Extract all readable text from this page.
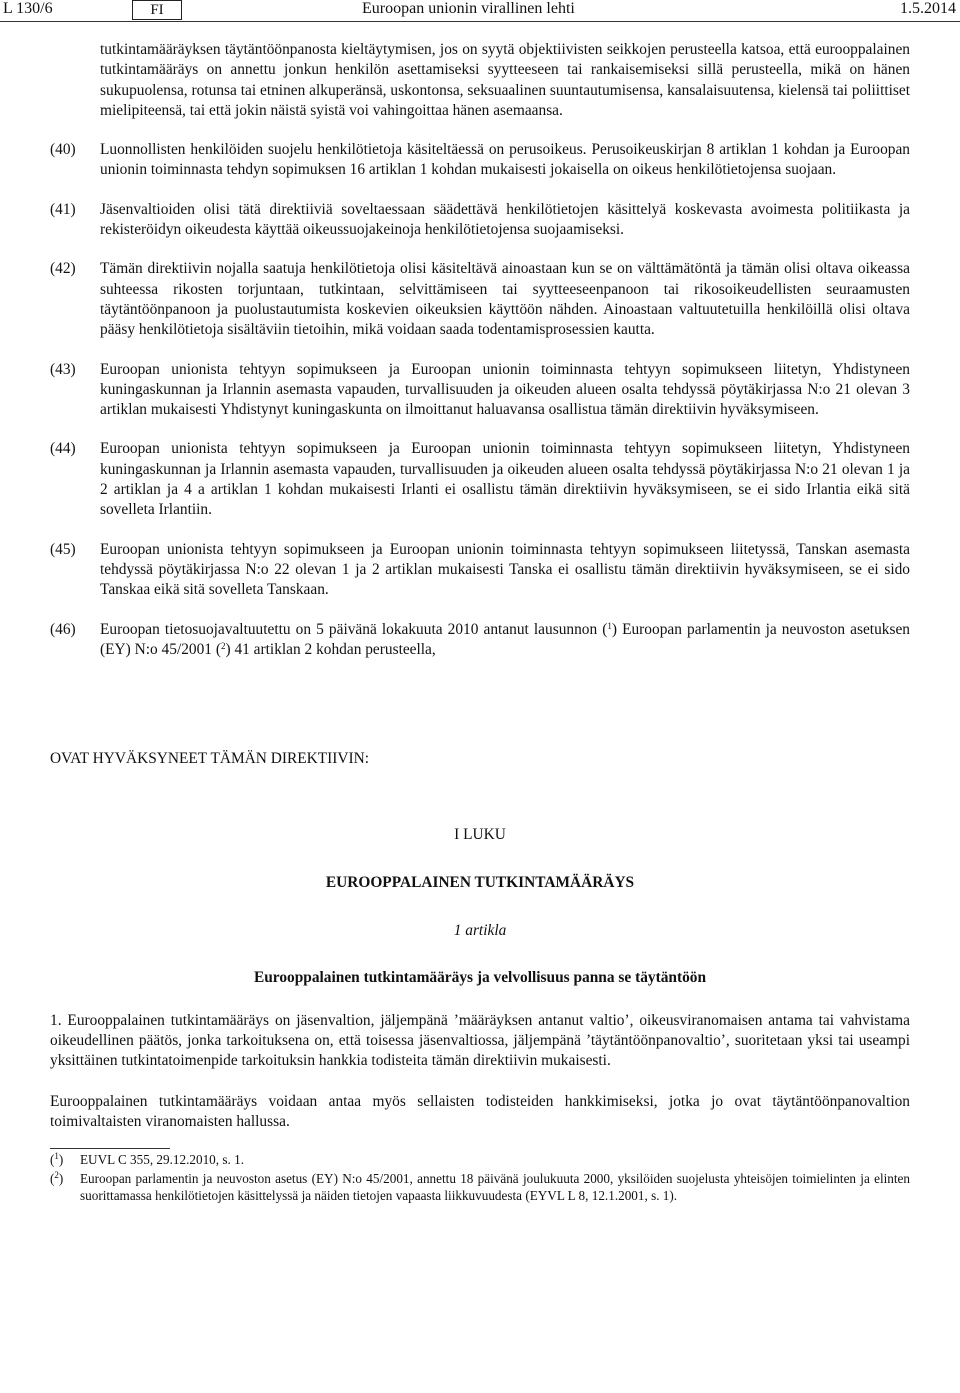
L 130/6	FI	Euroopan unionin virallinen lehti	1.5.2014

tutkintamääräyksen täytäntöönpanosta kieltäytymisen, jos on syytä objektiivisten seikkojen perusteella katsoa, että eurooppalainen tutkintamääräys on annettu jonkun henkilön asettamiseksi syytteeseen tai rankaisemiseksi sillä perusteella, mikä on hänen sukupuolensa, rotunsa tai etninen alkuperänsä, uskontonsa, seksuaalinen suuntautumisensa, kansalaisuutensa, kielensä tai poliittiset mielipiteensä, tai että jokin näistä syistä voi vahingoittaa hänen asemaansa.

(40)	Luonnollisten henkilöiden suojelu henkilötietoja käsiteltäessä on perusoikeus. Perusoikeuskirjan 8 artiklan 1 kohdan ja Euroopan unionin toiminnasta tehdyn sopimuksen 16 artiklan 1 kohdan mukaisesti jokaisella on oikeus henkilötietojensa suojaan.
(41)	Jäsenvaltioiden olisi tätä direktiiviä soveltaessaan säädettävä henkilötietojen käsittelyä koskevasta avoimesta politiikasta ja rekisteröidyn oikeudesta käyttää oikeussuojakeinoja henkilötietojensa suojaamiseksi.
(42)	Tämän direktiivin nojalla saatuja henkilötietoja olisi käsiteltävä ainoastaan kun se on välttämätöntä ja tämän olisi oltava oikeassa suhteessa rikosten torjuntaan, tutkintaan, selvittämiseen tai syytteeseenpanoon tai rikosoikeudellisten seuraamusten täytäntöönpanoon ja puolustautumista koskevien oikeuksien käyttöön nähden. Ainoastaan valtuutetuilla henkilöillä olisi oltava pääsy henkilötietoja sisältäviin tietoihin, mikä voidaan saada todentamisprosessien kautta.
(43)	Euroopan unionista tehtyyn sopimukseen ja Euroopan unionin toiminnasta tehtyyn sopimukseen liitetyn, Yhdistyneen kuningaskunnan ja Irlannin asemasta vapauden, turvallisuuden ja oikeuden alueen osalta tehdyssä pöytäkirjassa N:o 21 olevan 3 artiklan mukaisesti Yhdistynyt kuningaskunta on ilmoittanut haluavansa osallistua tämän direktiivin hyväksymiseen.
(44)	Euroopan unionista tehtyyn sopimukseen ja Euroopan unionin toiminnasta tehtyyn sopimukseen liitetyn, Yhdistyneen kuningaskunnan ja Irlannin asemasta vapauden, turvallisuuden ja oikeuden alueen osalta tehdyssä pöytäkirjassa N:o 21 olevan 1 ja 2 artiklan ja 4 a artiklan 1 kohdan mukaisesti Irlanti ei osallistu tämän direktiivin hyväksymiseen, se ei sido Irlantia eikä sitä sovelleta Irlantiin.
(45)	Euroopan unionista tehtyyn sopimukseen ja Euroopan unionin toiminnasta tehtyyn sopimukseen liitetyssä, Tanskan asemasta tehdyssä pöytäkirjassa N:o 22 olevan 1 ja 2 artiklan mukaisesti Tanska ei osallistu tämän direktiivin hyväksymiseen, se ei sido Tanskaa eikä sitä sovelleta Tanskaan.
(46)	Euroopan tietosuojavaltuutettu on 5 päivänä lokakuuta 2010 antanut lausunnon ($^1$) Euroopan parlamentin ja neuvoston asetuksen (EY) N:o 45/2001 ($^2$) 41 artiklan 2 kohdan perusteella,

OVAT HYVÄKSYNEET TÄMÄN DIREKTIIVIN:

I LUKU

EUROOPPALAINEN TUTKINTAMÄÄRÄYS

1 artikla

Eurooppalainen tutkintamääräys ja velvollisuus panna se täytäntöön

1. Eurooppalainen tutkintamääräys on jäsenvaltion, jäljempänä ’määräyksen antanut valtio’, oikeusviranomaisen antama tai vahvistama oikeudellinen päätös, jonka tarkoituksena on, että toisessa jäsenvaltiossa, jäljempänä ’täytäntöönpanovaltio’, suoritetaan yksi tai useampi yksittäinen tutkintatoimenpide tarkoituksin hankkia todisteita tämän direktiivin mukaisesti.

Eurooppalainen tutkintamääräys voidaan antaa myös sellaisten todisteiden hankkimiseksi, jotka jo ovat täytäntöönpanovaltion toimivaltaisten viranomaisten hallussa.

($^1$)	EUVL C 355, 29.12.2010, s. 1.
($^2$)	Euroopan parlamentin ja neuvoston asetus (EY) N:o 45/2001, annettu 18 päivänä joulukuuta 2000, yksilöiden suojelusta yhteisöjen toimielinten ja elinten suorittamassa henkilötietojen käsittelyssä ja näiden tietojen vapaasta liikkuvuudesta (EYVL L 8, 12.1.2001, s. 1).
